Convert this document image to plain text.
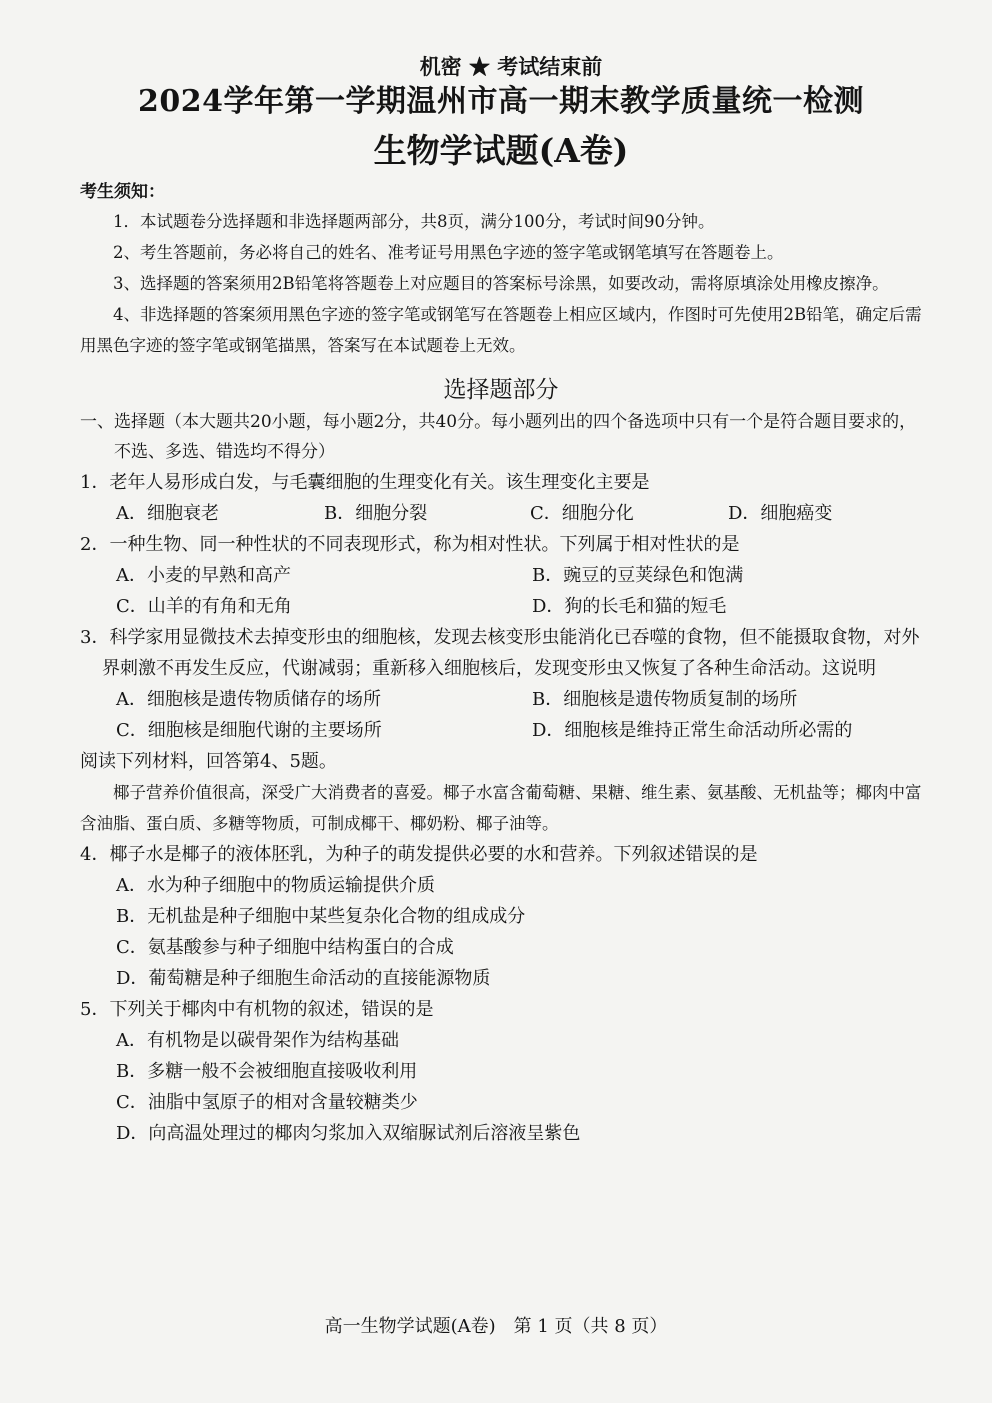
机密 ★ 考试结束前
2024学年第一学期温州市高一期末教学质量统一检测
生物学试题(A卷)
考生须知：

1．本试题卷分选择题和非选择题两部分，共8页，满分100分，考试时间90分钟。

2、考生答题前，务必将自己的姓名、准考证号用黑色字迹的签字笔或钢笔填写在答题卷上。

3、选择题的答案须用2B铅笔将答题卷上对应题目的答案标号涂黑，如要改动，需将原填涂处用橡皮擦净。

4、非选择题的答案须用黑色字迹的签字笔或钢笔写在答题卷上相应区域内，作图时可先使用2B铅笔，确定后需用黑色字迹的签字笔或钢笔描黑，答案写在本试题卷上无效。

选择题部分
一、选择题（本大题共20小题，每小题2分，共40分。每小题列出的四个备选项中只有一个是符合题目要求的，不选、多选、错选均不得分）
1．老年人易形成白发，与毛囊细胞的生理变化有关。该生理变化主要是
A．细胞衰老	B．细胞分裂	C．细胞分化	D．细胞癌变
2．一种生物、同一种性状的不同表现形式，称为相对性状。下列属于相对性状的是
A．小麦的早熟和高产	B．豌豆的豆荚绿色和饱满
C．山羊的有角和无角	D．狗的长毛和猫的短毛
3．科学家用显微技术去掉变形虫的细胞核，发现去核变形虫能消化已吞噬的食物，但不能摄取食物，对外界刺激不再发生反应，代谢减弱；重新移入细胞核后，发现变形虫又恢复了各种生命活动。这说明
A．细胞核是遗传物质储存的场所	B．细胞核是遗传物质复制的场所
C．细胞核是细胞代谢的主要场所	D．细胞核是维持正常生命活动所必需的
阅读下列材料，回答第4、5题。
椰子营养价值很高，深受广大消费者的喜爱。椰子水富含葡萄糖、果糖、维生素、氨基酸、无机盐等；椰肉中富含油脂、蛋白质、多糖等物质，可制成椰干、椰奶粉、椰子油等。
4．椰子水是椰子的液体胚乳，为种子的萌发提供必要的水和营养。下列叙述错误的是
A．水为种子细胞中的物质运输提供介质
B．无机盐是种子细胞中某些复杂化合物的组成成分
C．氨基酸参与种子细胞中结构蛋白的合成
D．葡萄糖是种子细胞生命活动的直接能源物质
5．下列关于椰肉中有机物的叙述，错误的是
A．有机物是以碳骨架作为结构基础
B．多糖一般不会被细胞直接吸收利用
C．油脂中氢原子的相对含量较糖类少
D．向高温处理过的椰肉匀浆加入双缩脲试剂后溶液呈紫色
高一生物学试题(A卷)　第 1 页（共 8 页）
